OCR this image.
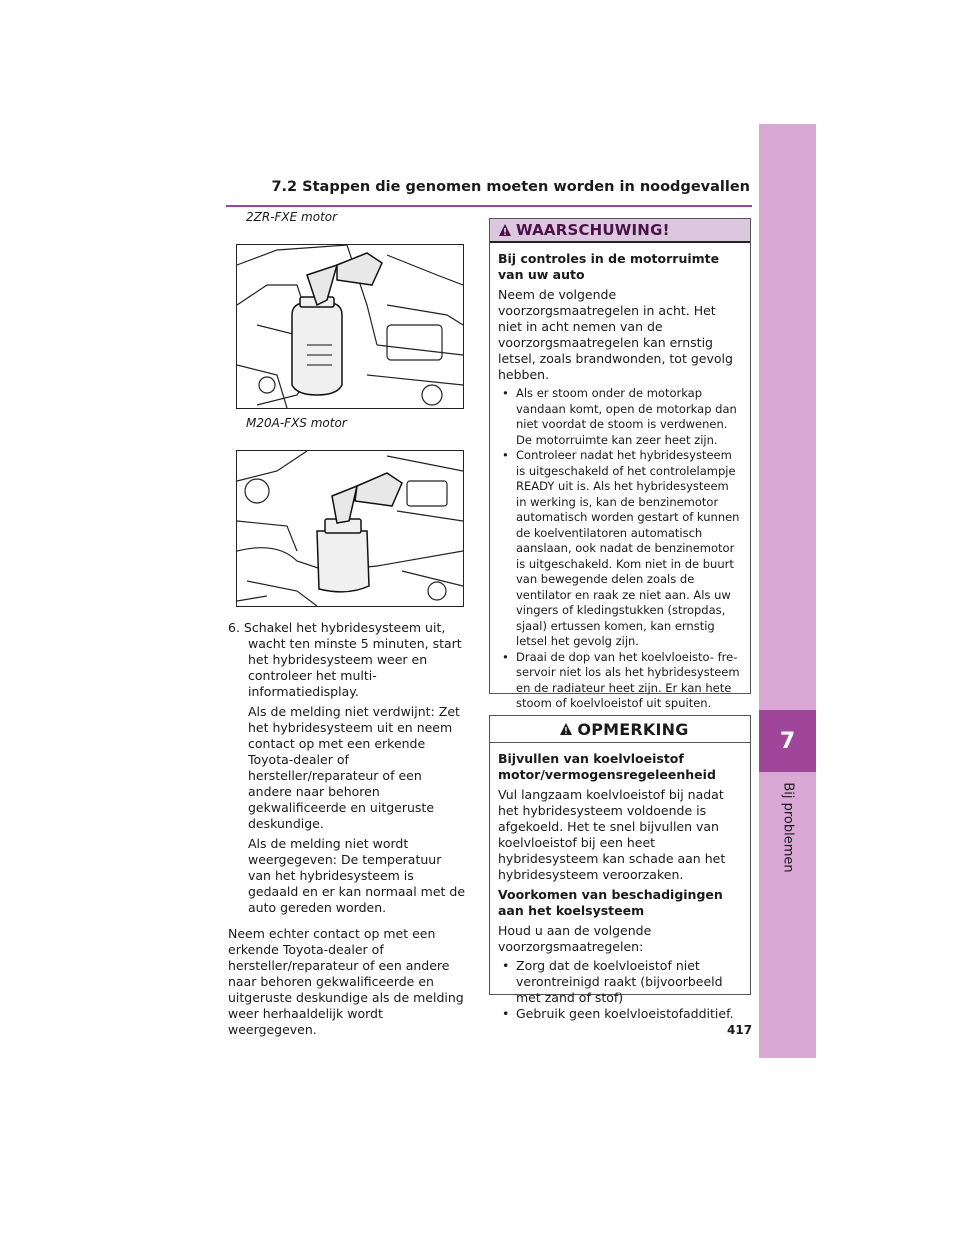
7
Bij problemen
7.2 Stappen die genomen moeten worden in noodgevallen
2ZR-FXE motor
M20A-FXS motor

6. Schakel het hybridesysteem uit, wacht ten minste 5 minuten, start het hybridesysteem weer en controleer het multi-informatiedisplay.

Als de melding niet verdwijnt: Zet het hybridesysteem uit en neem contact op met een erkende Toyota-dealer of hersteller/reparateur of een andere naar behoren gekwalificeerde en uitgeruste deskundige.

Als de melding niet wordt weergegeven: De temperatuur van het hybridesysteem is gedaald en er kan normaal met de auto gereden worden.

Neem echter contact op met een erkende Toyota-dealer of hersteller/reparateur of een andere naar behoren gekwalificeerde en uitgeruste deskundige als de melding weer herhaaldelijk wordt weergegeven.

WAARSCHUWING!

Bij controles in de motorruimte van uw auto

Neem de volgende voorzorgsmaatregelen in acht. Het niet in acht nemen van de voorzorgsmaatregelen kan ernstig letsel, zoals brandwonden, tot gevolg hebben.

• Als er stoom onder de motorkap vandaan komt, open de motorkap dan niet voordat de stoom is verdwenen. De motorruimte kan zeer heet zijn.
• Controleer nadat het hybridesysteem is uitgeschakeld of het controlelampje READY uit is. Als het hybridesysteem in werking is, kan de benzinemotor automatisch worden gestart of kunnen de koelventilatoren automatisch aanslaan, ook nadat de benzinemotor is uitgeschakeld. Kom niet in de buurt van bewegende delen zoals de ventilator en raak ze niet aan. Als uw vingers of kledingstukken (stropdas, sjaal) ertussen komen, kan ernstig letsel het gevolg zijn.
• Draai de dop van het koelvloeisto- fre- servoir niet los als het hybridesysteem en de radiateur heet zijn. Er kan hete stoom of koelvloeistof uit spuiten.
OPMERKING

Bijvullen van koelvloeistof motor/vermogensregeleenheid

Vul langzaam koelvloeistof bij nadat het hybridesysteem voldoende is afgekoeld. Het te snel bijvullen van koelvloeistof bij een heet hybridesysteem kan schade aan het hybridesysteem veroorzaken.

Voorkomen van beschadigingen aan het koelsysteem

Houd u aan de volgende voorzorgsmaatregelen:

• Zorg dat de koelvloeistof niet verontreinigd raakt (bijvoorbeeld met zand of stof)
• Gebruik geen koelvloeistofadditief.
417
